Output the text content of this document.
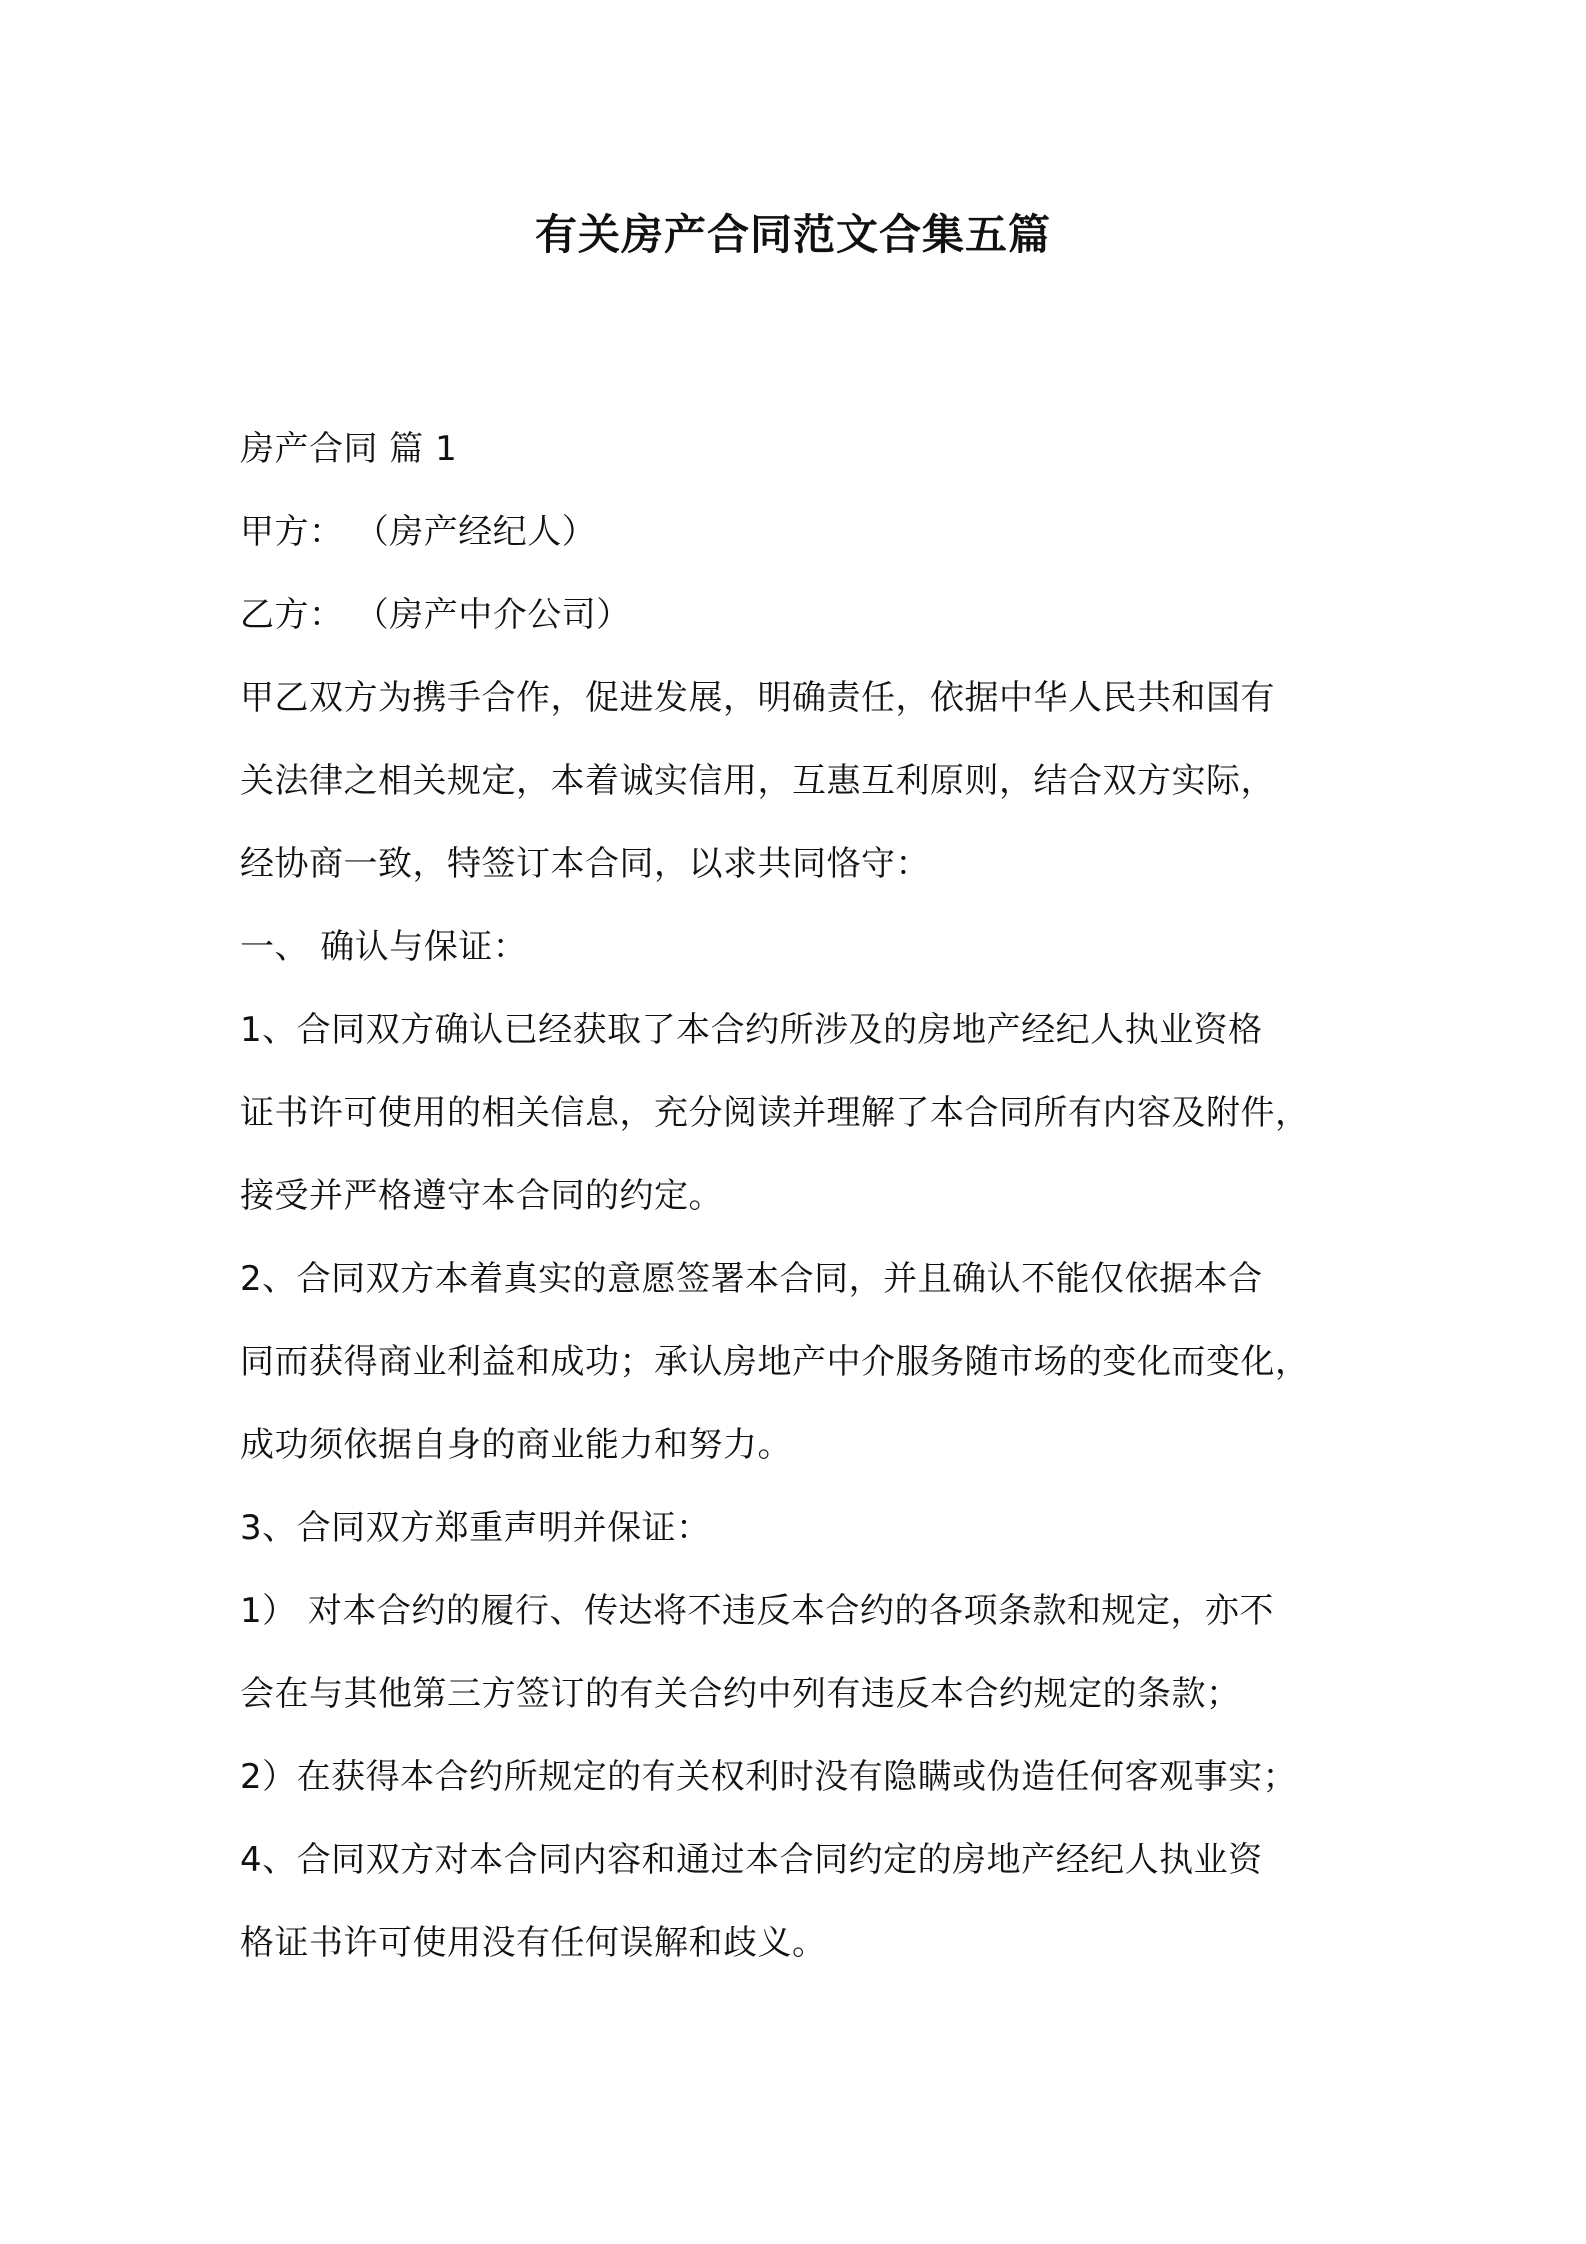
有关房产合同范文合集五篇
房产合同 篇 1
甲方： （房产经纪人）
乙方： （房产中介公司）
甲乙双方为携手合作，促进发展，明确责任，依据中华人民共和国有
关法律之相关规定，本着诚实信用，互惠互利原则，结合双方实际，
经协商一致，特签订本合同，以求共同恪守：
一、 确认与保证：
1、合同双方确认已经获取了本合约所涉及的房地产经纪人执业资格
证书许可使用的相关信息，充分阅读并理解了本合同所有内容及附件，
接受并严格遵守本合同的约定。
2、合同双方本着真实的意愿签署本合同，并且确认不能仅依据本合
同而获得商业利益和成功；承认房地产中介服务随市场的变化而变化，
成功须依据自身的商业能力和努力。
3、合同双方郑重声明并保证：
1） 对本合约的履行、传达将不违反本合约的各项条款和规定，亦不
会在与其他第三方签订的有关合约中列有违反本合约规定的条款；
2）在获得本合约所规定的有关权利时没有隐瞒或伪造任何客观事实；
4、合同双方对本合同内容和通过本合同约定的房地产经纪人执业资
格证书许可使用没有任何误解和歧义。
